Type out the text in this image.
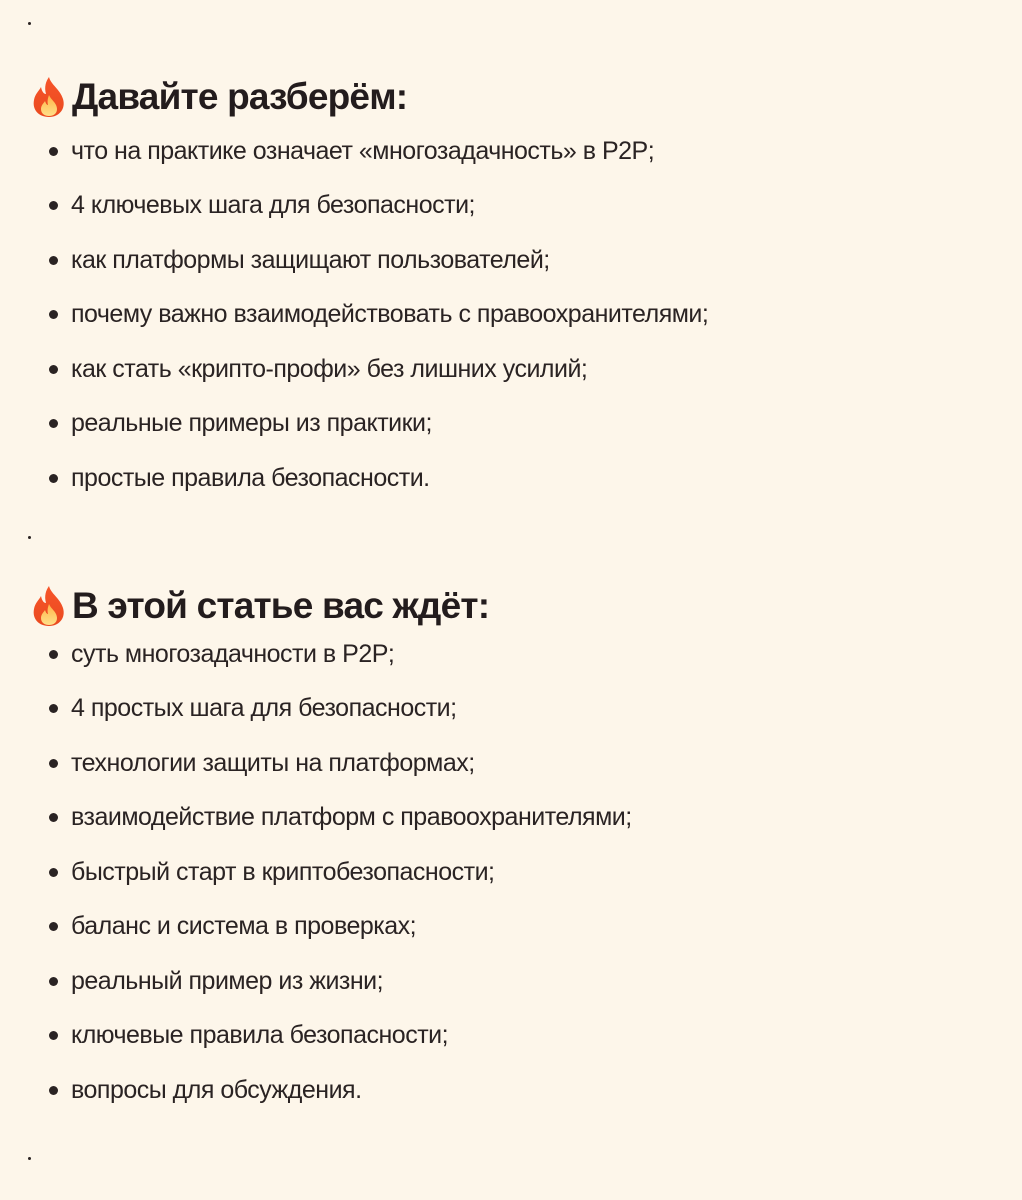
Давайте разберём:
что на практике означает «многозадачность» в P2P;
4 ключевых шага для безопасности;
как платформы защищают пользователей;
почему важно взаимодействовать с правоохранителями;
как стать «крипто-профи» без лишних усилий;
реальные примеры из практики;
простые правила безопасности.
В этой статье вас ждёт:
суть многозадачности в P2P;
4 простых шага для безопасности;
технологии защиты на платформах;
взаимодействие платформ с правоохранителями;
быстрый старт в криптобезопасности;
баланс и система в проверках;
реальный пример из жизни;
ключевые правила безопасности;
вопросы для обсуждения.
